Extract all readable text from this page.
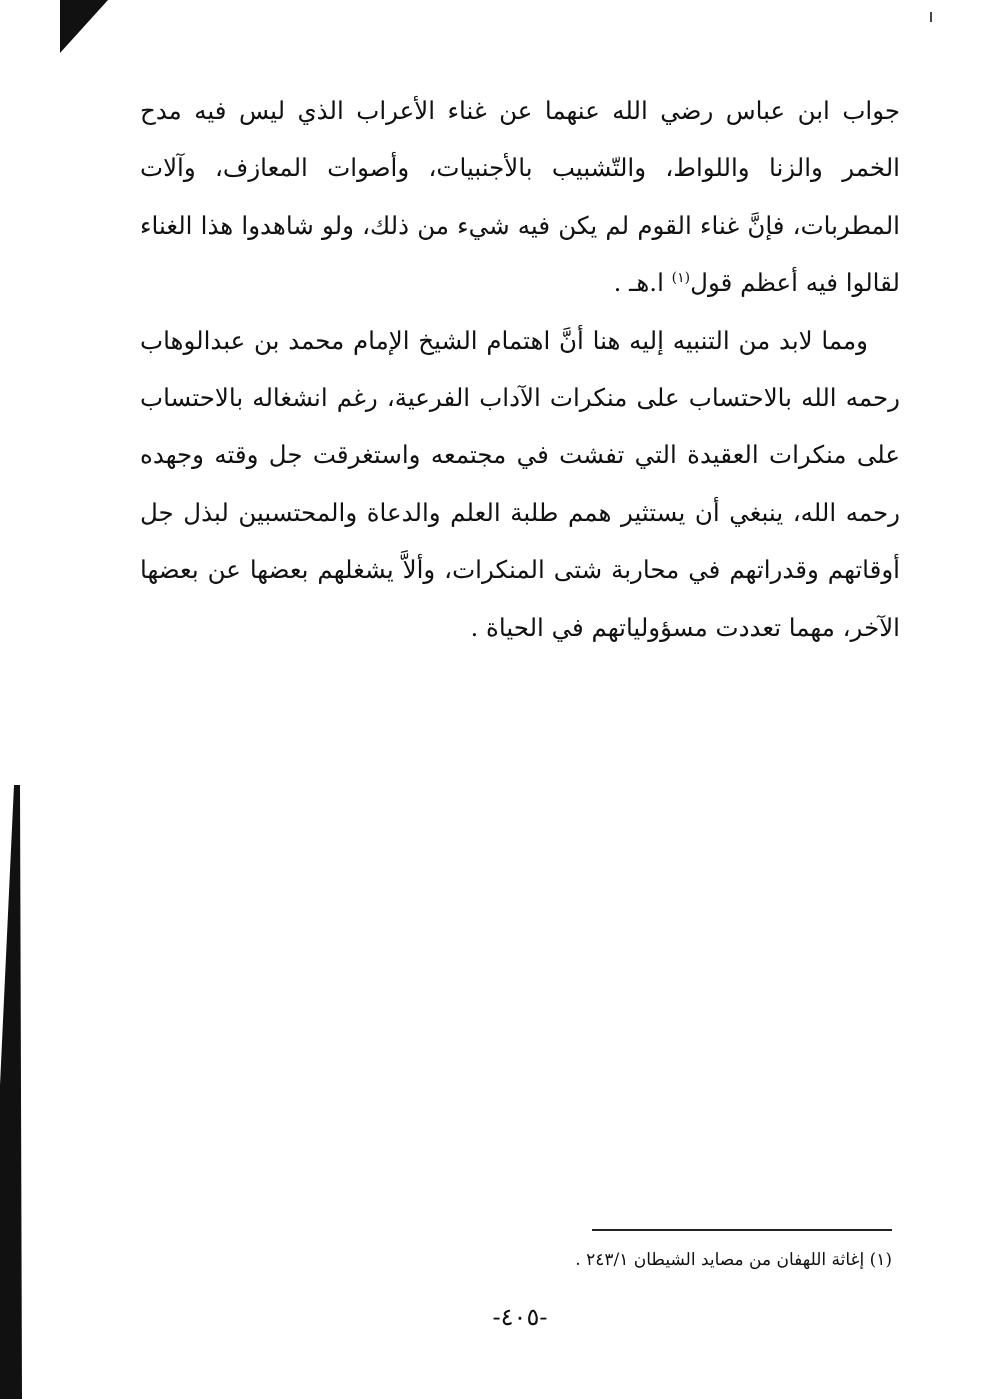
جواب ابن عباس رضي الله عنهما عن غناء الأعراب الذي ليس فيه مدح الخمر والزنا واللواط، والتّشبيب بالأجنبيات، وأصوات المعازف، وآلات المطربات، فإنَّ غناء القوم لم يكن فيه شيء من ذلك، ولو شاهدوا هذا الغناء لقالوا فيه أعظم قول$^{(١)}$ ا.هـ .

ومما لابد من التنبيه إليه هنا أنَّ اهتمام الشيخ الإمام محمد بن عبدالوهاب رحمه الله بالاحتساب على منكرات الآداب الفرعية، رغم انشغاله بالاحتساب على منكرات العقيدة التي تفشت في مجتمعه واستغرقت جل وقته وجهده رحمه الله، ينبغي أن يستثير همم طلبة العلم والدعاة والمحتسبين لبذل جل أوقاتهم وقدراتهم في محاربة شتى المنكرات، وألاَّ يشغلهم بعضها عن بعضها الآخر، مهما تعددت مسؤولياتهم في الحياة .

(١) إغاثة اللهفان من مصايد الشيطان ٢٤٣/١ .
-٤٠٥-
